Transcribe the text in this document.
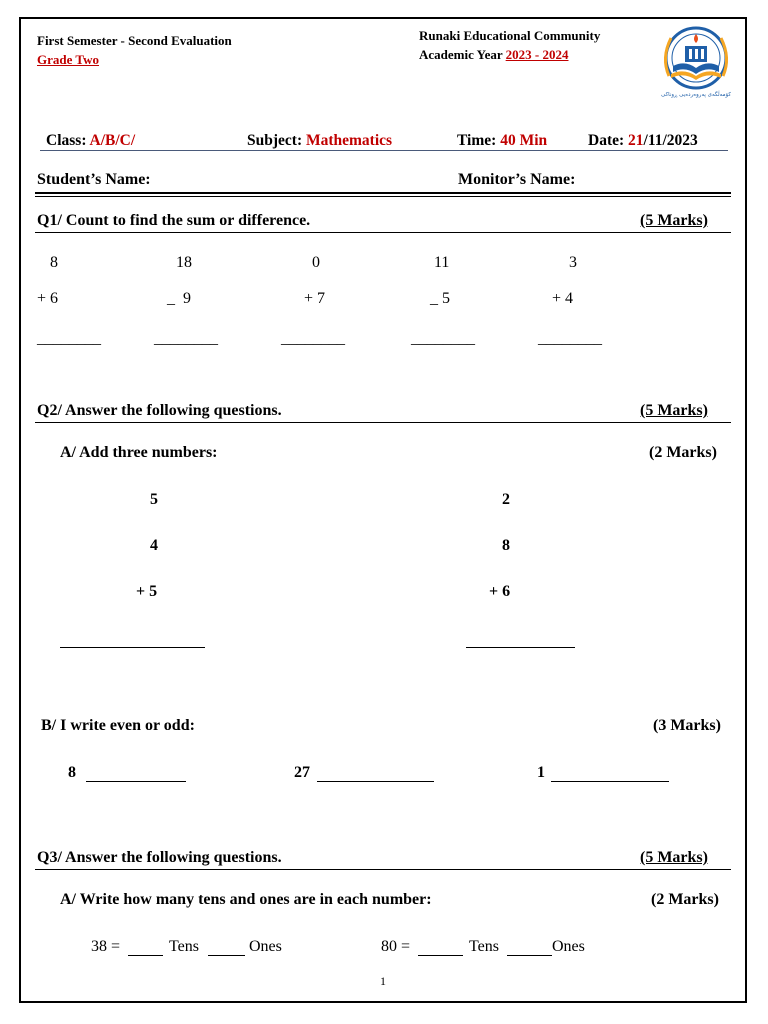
First Semester - Second Evaluation
Grade Two
Runaki Educational Community
Academic Year 2023 - 2024
کۆمەڵگەی پەروەردەیی ڕوناکی
Class: A/B/C/	Subject: Mathematics	Time: 40 Min	Date: 21/11/2023
Student’s Name:	Monitor’s Name:
Q1/ Count to find the sum or difference.	(5 Marks)
8	18	0	11	3
+ 6	_  9	+ 7	_ 5	+ 4
________	________	________	________	________
Q2/ Answer the following questions.	(5 Marks)
A/ Add three numbers:	(2 Marks)
5
4
+ 5
2
8
+ 6
B/ I write even or odd:	(3 Marks)
8	27	1
Q3/ Answer the following questions.	(5 Marks)
A/ Write how many tens and ones are in each number:	(2 Marks)
38 =	Tens	Ones	80 =	Tens	Ones
1
